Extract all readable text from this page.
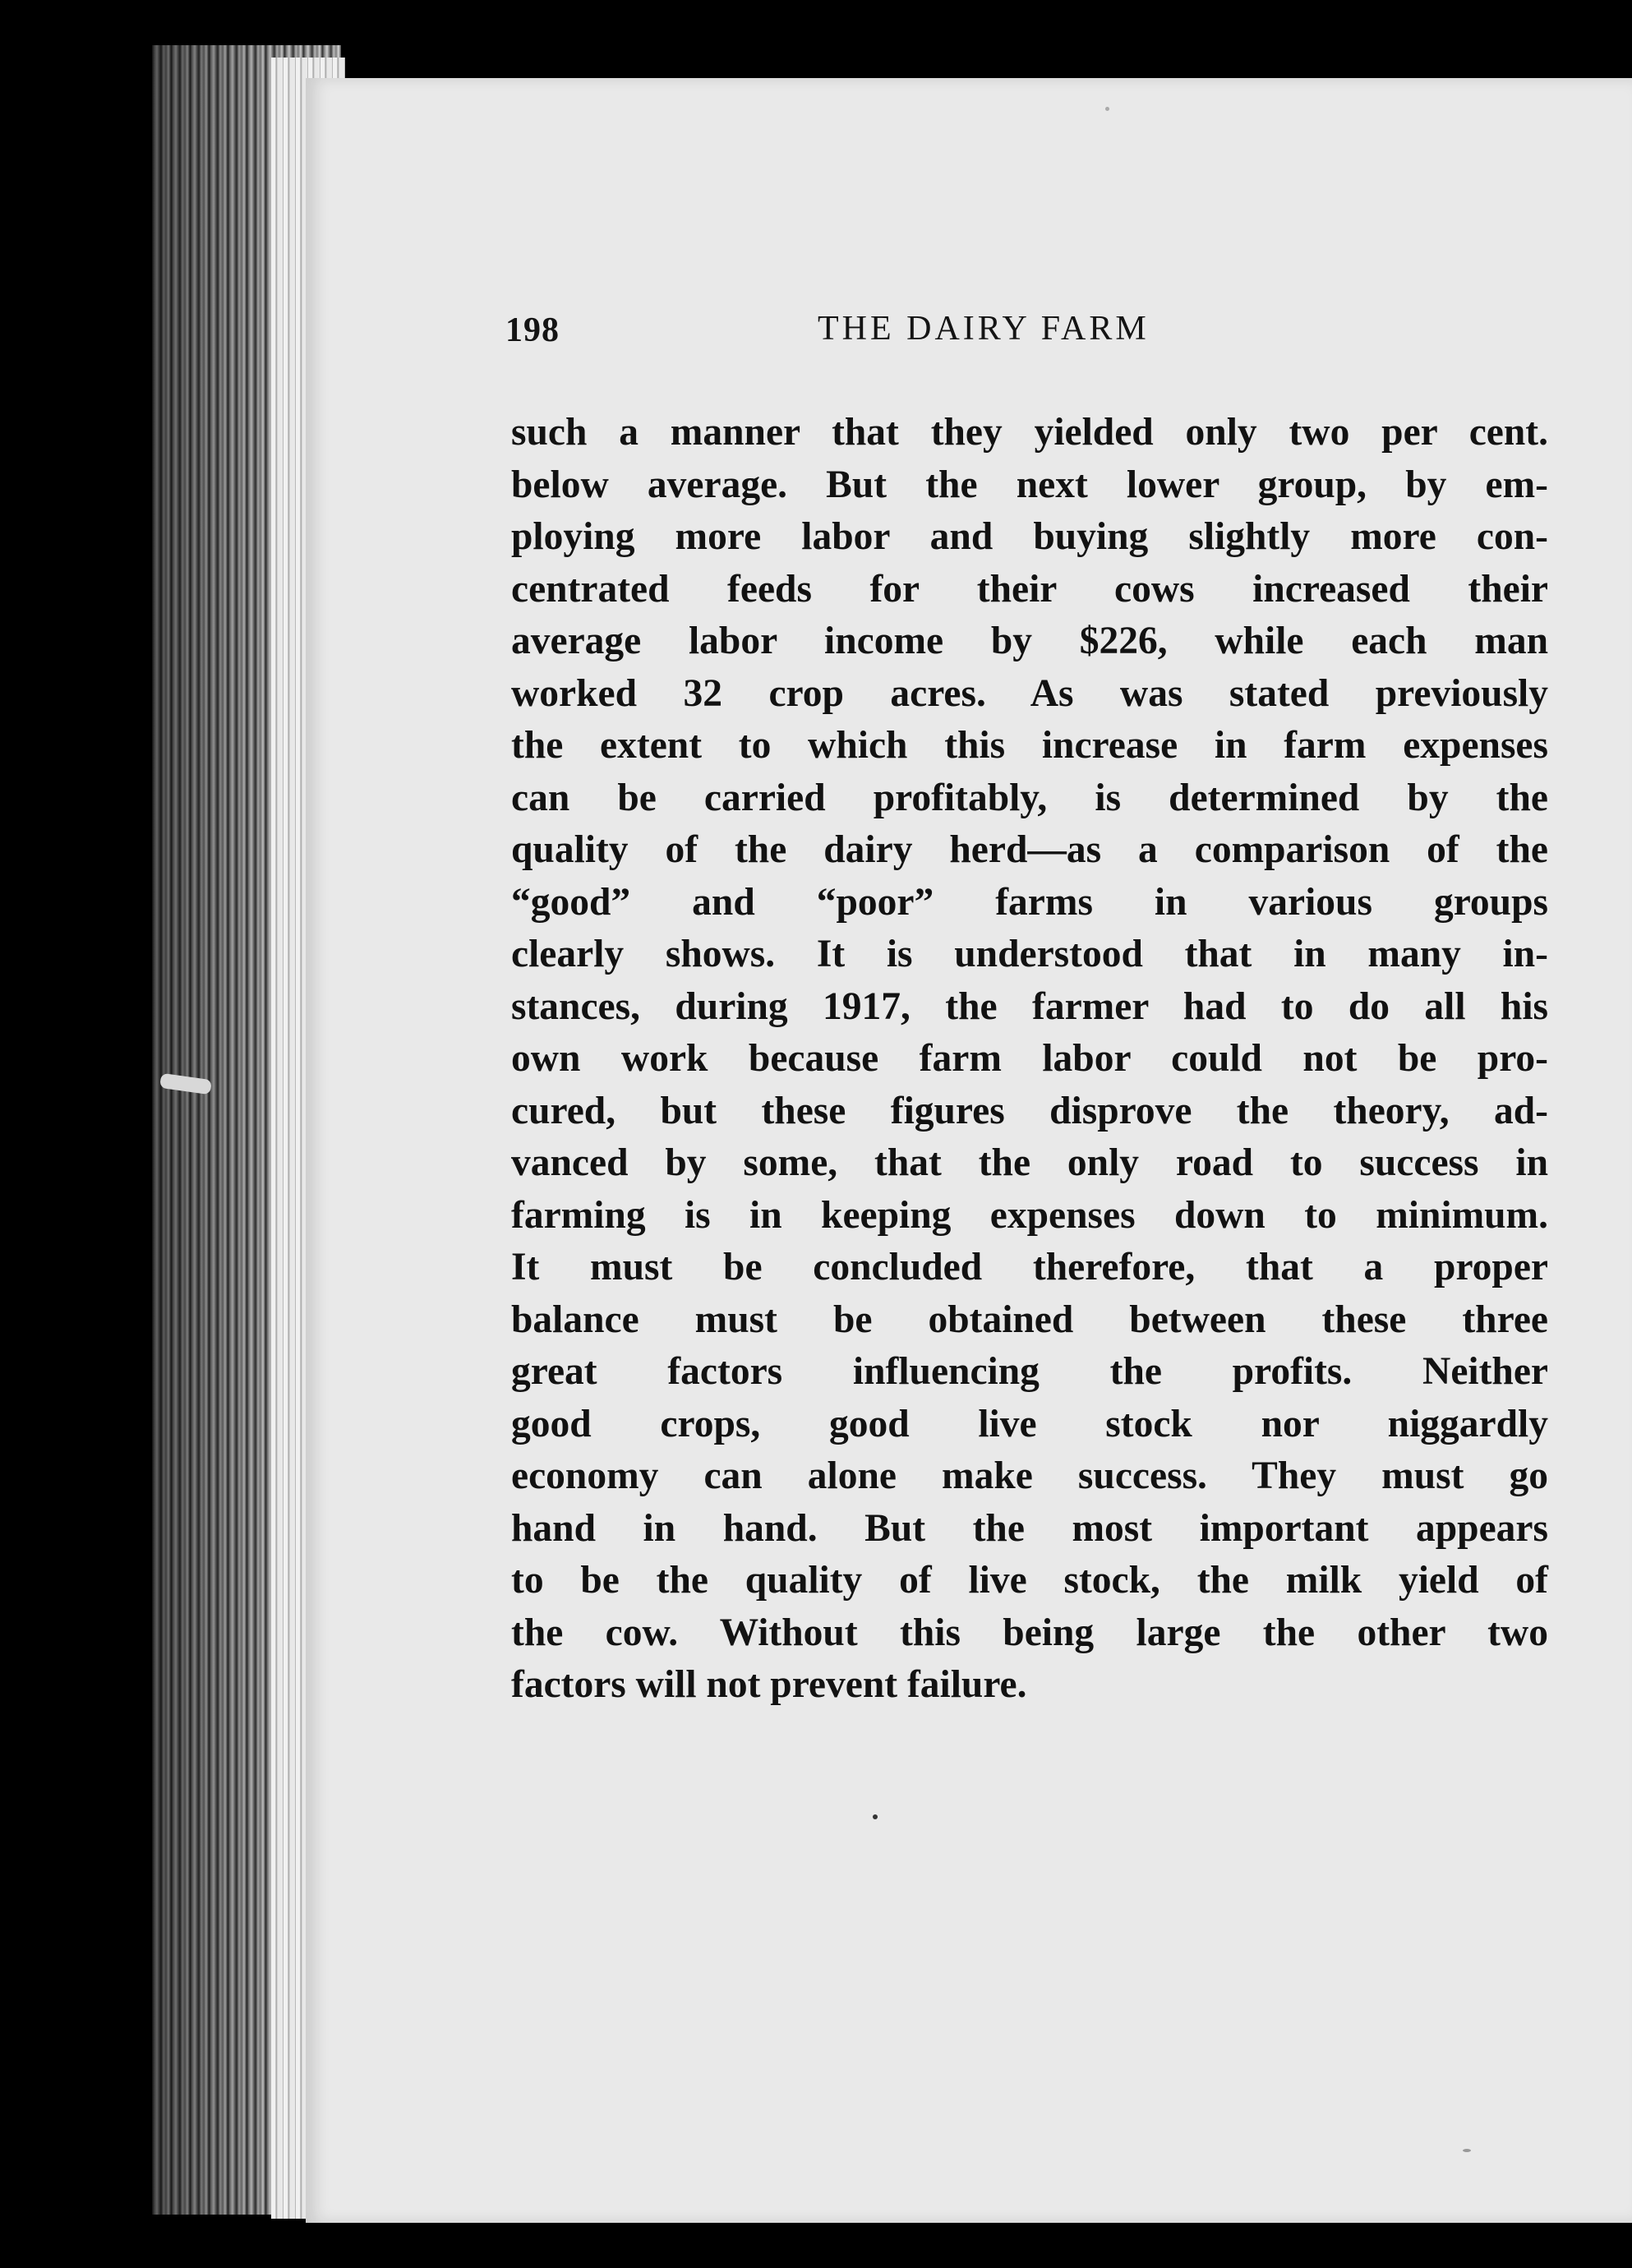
198	THE DAIRY FARM
such a manner that they yielded only two per cent.
below average. But the next lower group, by em-
ploying more labor and buying slightly more con-
centrated feeds for their cows increased their
average labor income by $226, while each man
worked 32 crop acres. As was stated previously
the extent to which this increase in farm expenses
can be carried profitably, is determined by the
quality of the dairy herd—as a comparison of the
“good” and “poor” farms in various groups
clearly shows. It is understood that in many in-
stances, during 1917, the farmer had to do all his
own work because farm labor could not be pro-
cured, but these figures disprove the theory, ad-
vanced by some, that the only road to success in
farming is in keeping expenses down to minimum.
It must be concluded therefore, that a proper
balance must be obtained between these three
great factors influencing the profits. Neither
good crops, good live stock nor niggardly
economy can alone make success. They must go
hand in hand. But the most important appears
to be the quality of live stock, the milk yield of
the cow. Without this being large the other two
factors will not prevent failure.
